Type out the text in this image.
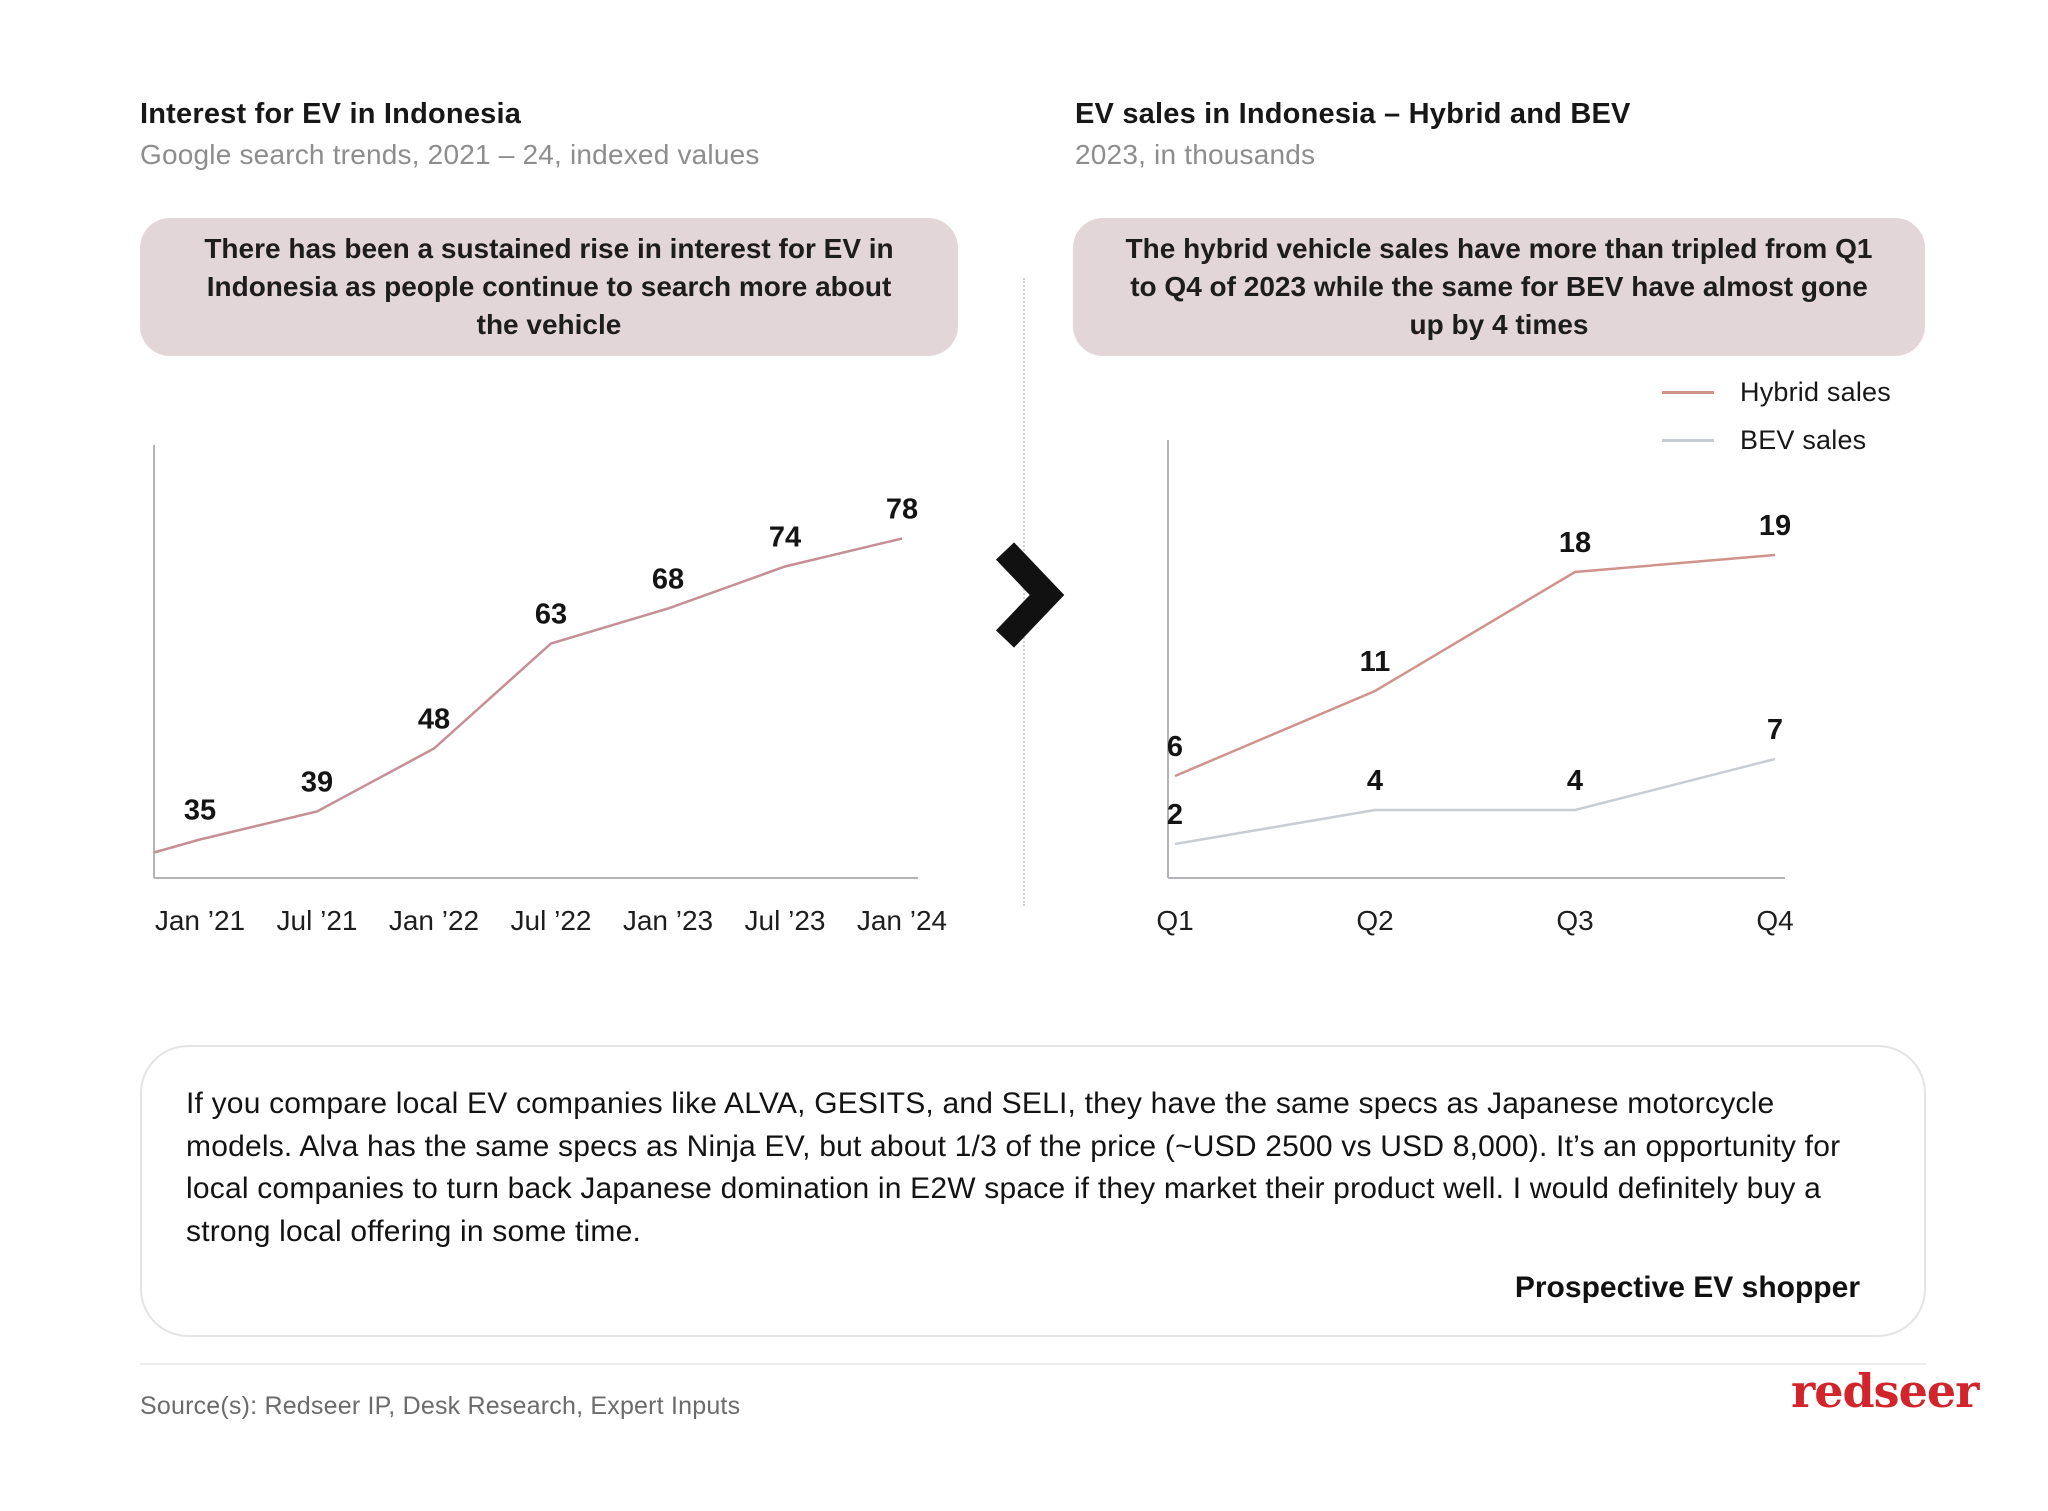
Interest for EV in Indonesia
Google search trends, 2021 – 24, indexed values
EV sales in Indonesia – Hybrid and BEV
2023, in thousands
There has been a sustained rise in interest for EV in Indonesia as people continue to search more about the vehicle
The hybrid vehicle sales have more than tripled from Q1 to Q4 of 2023 while the same for BEV have almost gone up by 4 times
Hybrid sales
BEV sales
35
39
48
63
68
74
78
Jan ’21 Jul ’21 Jan ’22 Jul ’22 Jan ’23 Jul ’23 Jan ’24
6
11
18
19
2
4	4
7
Q1	Q2	Q3	Q4
If you compare local EV companies like ALVA, GESITS, and SELI, they have the same specs as Japanese motorcycle models. Alva has the same specs as Ninja EV, but about 1/3 of the price (~USD 2500 vs USD 8,000). It’s an opportunity for local companies to turn back Japanese domination in E2W space if they market their product well. I would definitely buy a strong local offering in some time.
Prospective EV shopper
Source(s): Redseer IP, Desk Research, Expert Inputs	redseer
